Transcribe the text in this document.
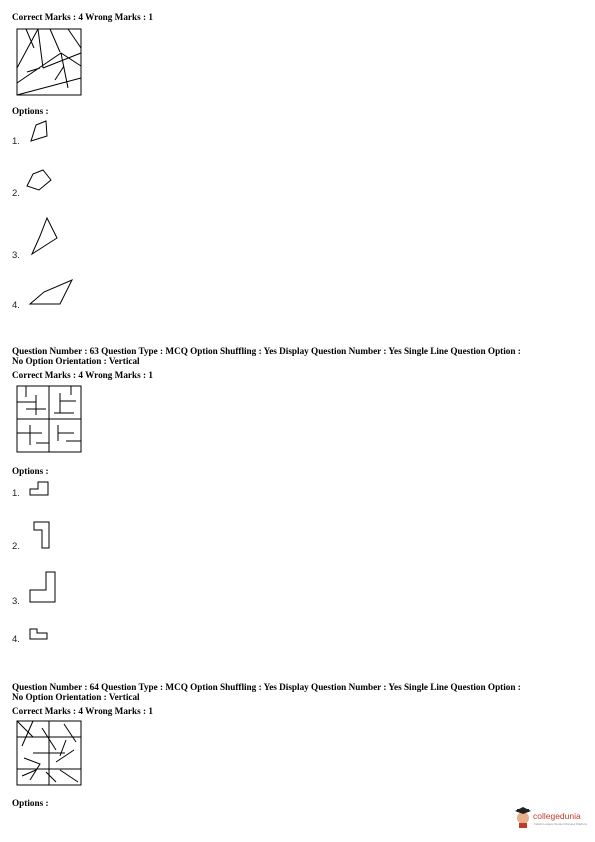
Correct Marks : 4 Wrong Marks : 1
Options :
1.
2.
3.
4.
Question Number : 63 Question Type : MCQ Option Shuffling : Yes Display Question Number : Yes Single Line Question Option :
No Option Orientation : Vertical
Correct Marks : 4 Wrong Marks : 1
Options :
1.
2.
3.
4.
Question Number : 64 Question Type : MCQ Option Shuffling : Yes Display Question Number : Yes Single Line Question Option :
No Option Orientation : Vertical
Correct Marks : 4 Wrong Marks : 1
Options :
collegedunia
India's Largest Student Review Platform
